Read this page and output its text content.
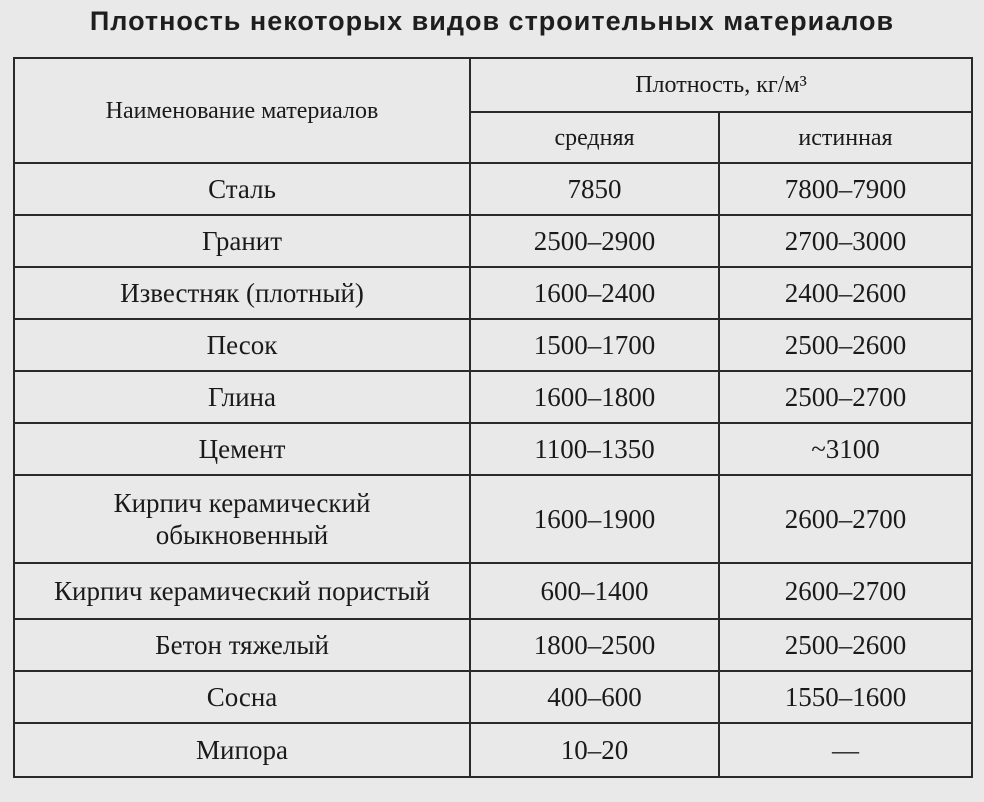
Плотность некоторых видов строительных материалов
Наименование материалов	Плотность, кг/м³	
	средняя	истинная
Сталь	7850	7800–7900
Гранит	2500–2900	2700–3000
Известняк (плотный)	1600–2400	2400–2600
Песок	1500–1700	2500–2600
Глина	1600–1800	2500–2700
Цемент	1100–1350	~3100
Кирпич керамический
обыкновенный	1600–1900	2600–2700
Кирпич керамический пористый	600–1400	2600–2700
Бетон тяжелый	1800–2500	2500–2600
Сосна	400–600	1550–1600
Мипора	10–20	—
